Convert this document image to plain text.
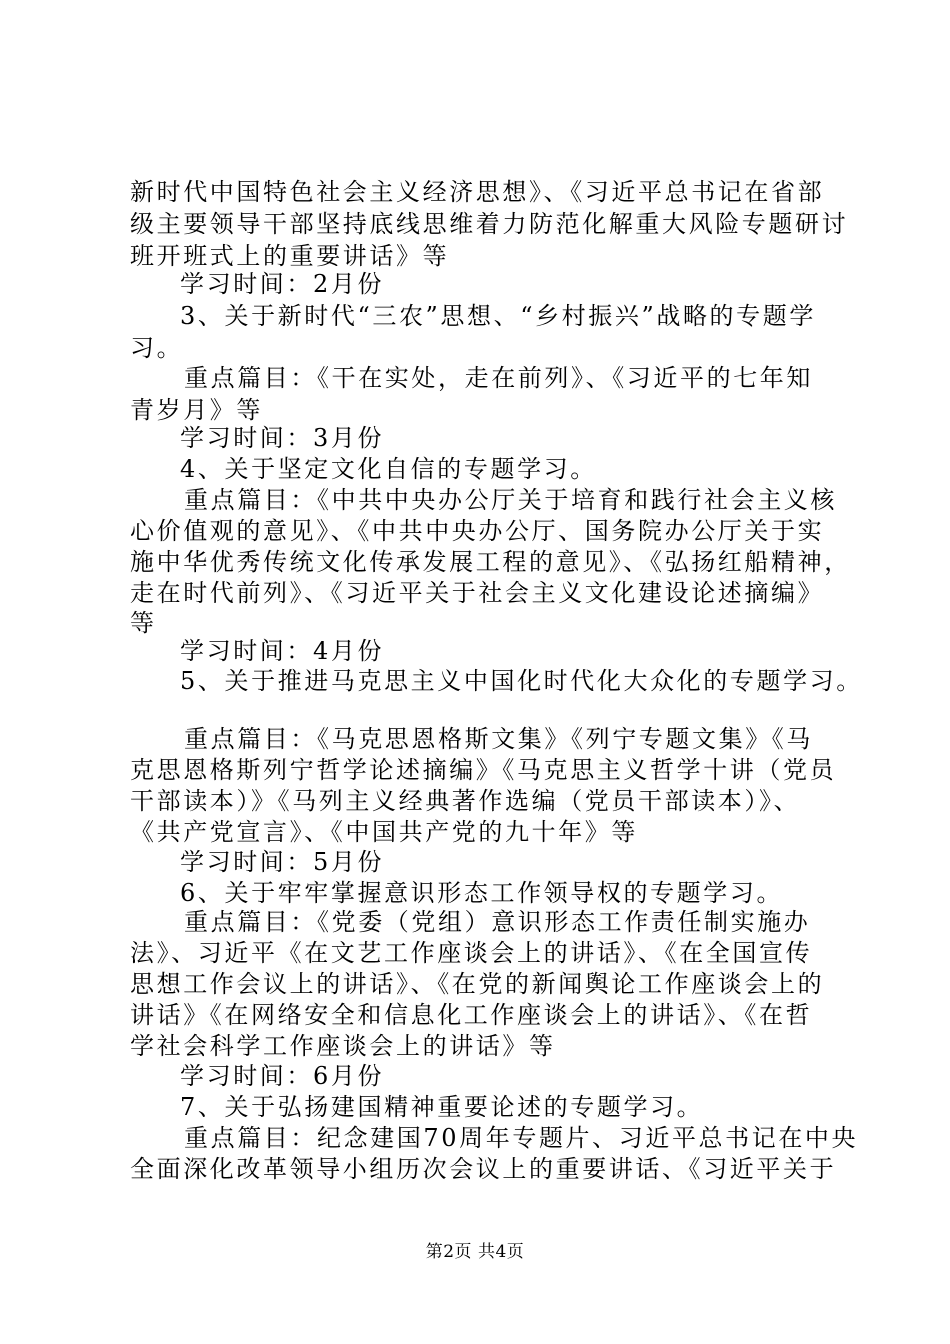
新时代中国特色社会主义经济思想》、《习近平总书记在省部
级主要领导干部坚持底线思维着力防范化解重大风险专题研讨
班开班式上的重要讲话》等
学习时间：2月份
3、关于新时代“三农”思想、“乡村振兴”战略的专题学
习。
重点篇目：《干在实处，走在前列》、《习近平的七年知
青岁月》等
学习时间：3月份
4、关于坚定文化自信的专题学习。
重点篇目：《中共中央办公厅关于培育和践行社会主义核
心价值观的意见》、《中共中央办公厅、国务院办公厅关于实
施中华优秀传统文化传承发展工程的意见》、《弘扬红船精神，
走在时代前列》、《习近平关于社会主义文化建设论述摘编》
等
学习时间：4月份
5、关于推进马克思主义中国化时代化大众化的专题学习。
重点篇目：《马克思恩格斯文集》《列宁专题文集》《马
克思恩格斯列宁哲学论述摘编》《马克思主义哲学十讲（党员
干部读本）》《马列主义经典著作选编（党员干部读本）》、
《共产党宣言》、《中国共产党的九十年》等
学习时间：5月份
6、关于牢牢掌握意识形态工作领导权的专题学习。
重点篇目：《党委（党组）意识形态工作责任制实施办
法》、习近平《在文艺工作座谈会上的讲话》、《在全国宣传
思想工作会议上的讲话》、《在党的新闻舆论工作座谈会上的
讲话》《在网络安全和信息化工作座谈会上的讲话》、《在哲
学社会科学工作座谈会上的讲话》等
学习时间：6月份
7、关于弘扬建国精神重要论述的专题学习。
重点篇目：纪念建国70周年专题片、习近平总书记在中央
全面深化改革领导小组历次会议上的重要讲话、《习近平关于
第2页 共4页
